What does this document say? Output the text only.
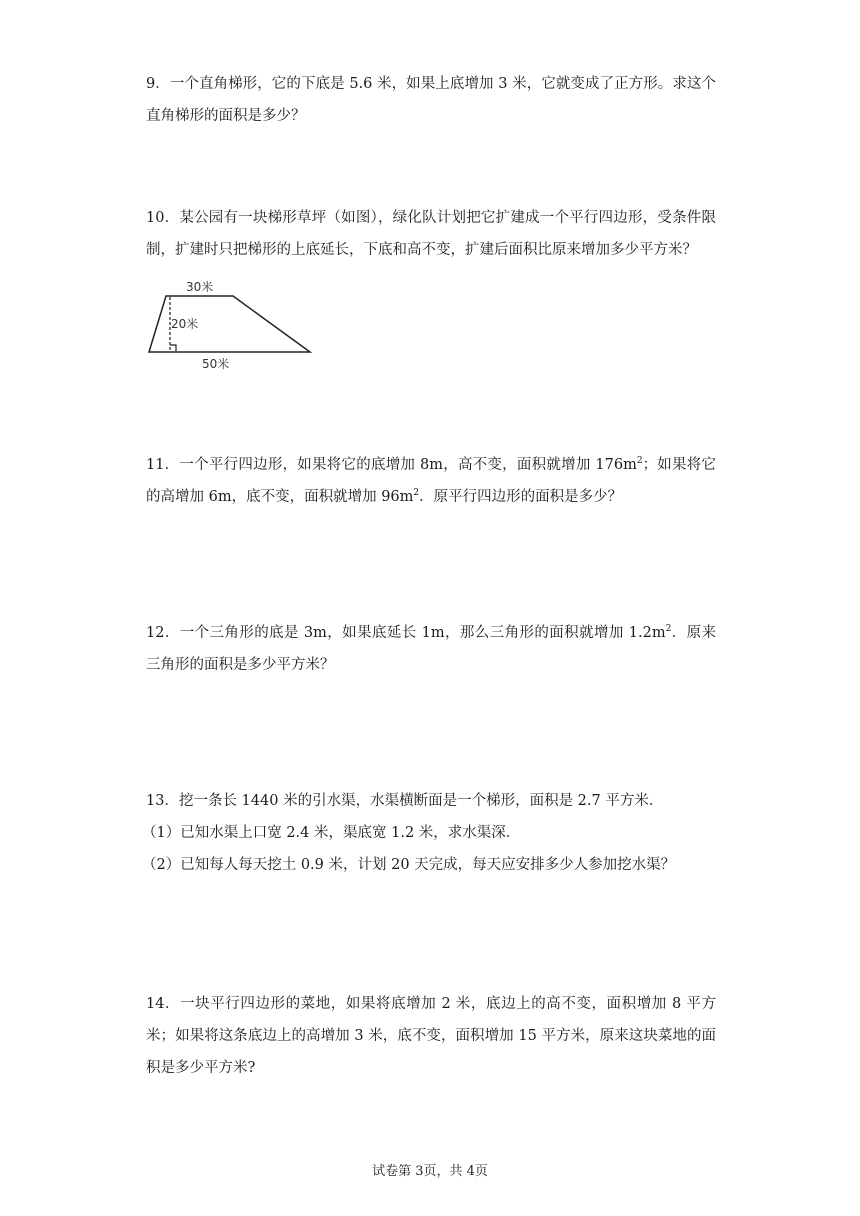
9．一个直角梯形，它的下底是 5.6 米，如果上底增加 3 米，它就变成了正方形。求这个直角梯形的面积是多少？
10．某公园有一块梯形草坪（如图），绿化队计划把它扩建成一个平行四边形，受条件限制，扩建时只把梯形的上底延长，下底和高不变，扩建后面积比原来增加多少平方米？
30米
20米
50米
11．一个平行四边形，如果将它的底增加 8m，高不变，面积就增加 $176m^2$；如果将它的高增加 6m，底不变，面积就增加 $96m^2$．原平行四边形的面积是多少？
12．一个三角形的底是 3m，如果底延长 1m，那么三角形的面积就增加 $1.2m^2$．原来三角形的面积是多少平方米？
13．挖一条长 1440 米的引水渠，水渠横断面是一个梯形，面积是 2.7 平方米．
（1）已知水渠上口宽 2.4 米，渠底宽 1.2 米，求水渠深．
（2）已知每人每天挖土 0.9 米，计划 20 天完成，每天应安排多少人参加挖水渠？
14．一块平行四边形的菜地，如果将底增加 2 米，底边上的高不变，面积增加 8 平方米；如果将这条底边上的高增加 3 米，底不变，面积增加 15 平方米，原来这块菜地的面积是多少平方米?
试卷第 3页，共 4页
